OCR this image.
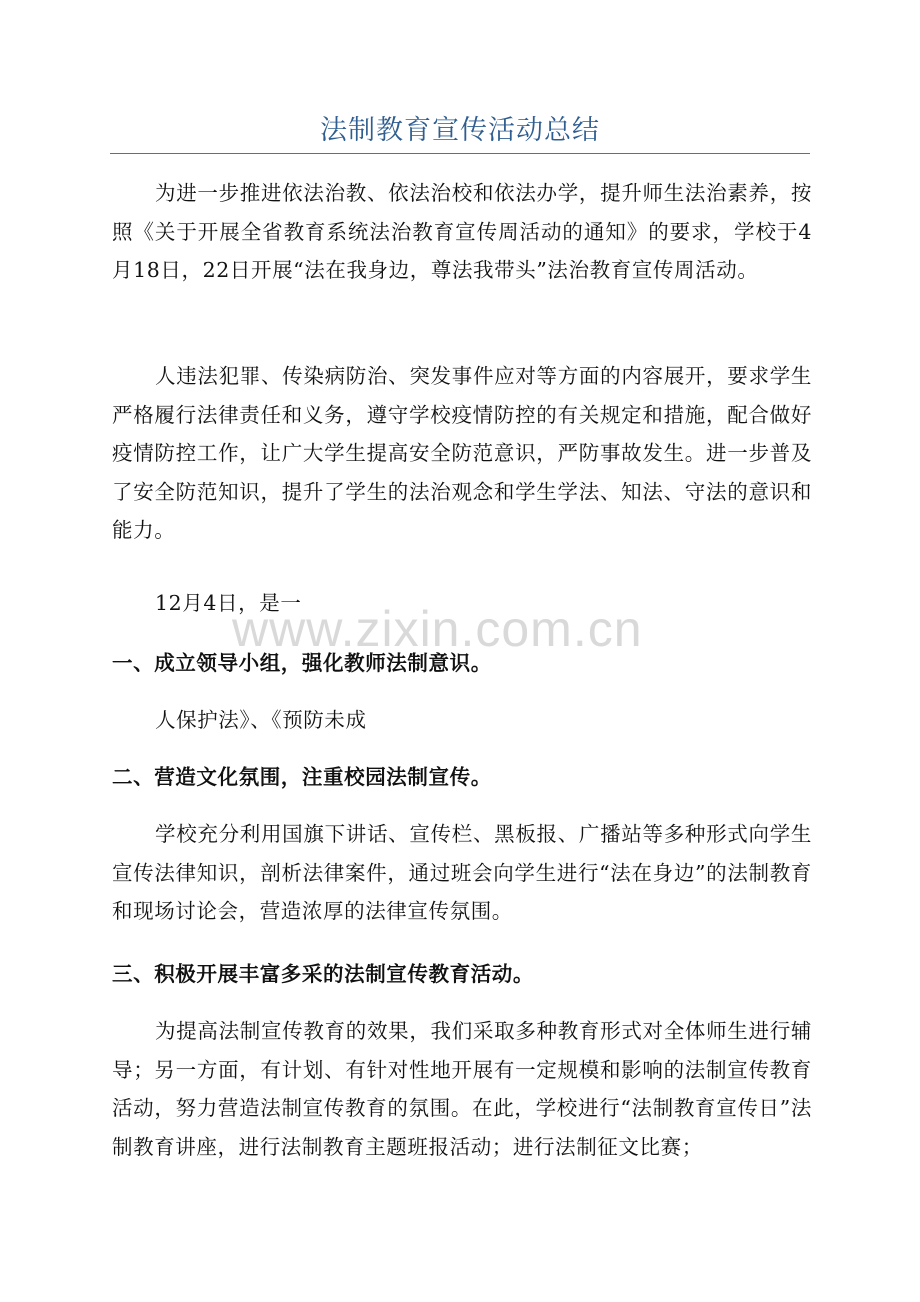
法制教育宣传活动总结

为进一步推进依法治教、依法治校和依法办学，提升师生法治素养，按照《关于开展全省教育系统法治教育宣传周活动的通知》的要求，学校于4月18日，22日开展“法在我身边，尊法我带头”法治教育宣传周活动。

人违法犯罪、传染病防治、突发事件应对等方面的内容展开，要求学生严格履行法律责任和义务，遵守学校疫情防控的有关规定和措施，配合做好疫情防控工作，让广大学生提高安全防范意识，严防事故发生。进一步普及了安全防范知识，提升了学生的法治观念和学生学法、知法、守法的意识和能力。

12月4日，是一

一、成立领导小组，强化教师法制意识。

人保护法》、《预防未成

二、营造文化氛围，注重校园法制宣传。

学校充分利用国旗下讲话、宣传栏、黑板报、广播站等多种形式向学生宣传法律知识，剖析法律案件，通过班会向学生进行“法在身边”的法制教育和现场讨论会，营造浓厚的法律宣传氛围。

三、积极开展丰富多采的法制宣传教育活动。

为提高法制宣传教育的效果，我们采取多种教育形式对全体师生进行辅导；另一方面，有计划、有针对性地开展有一定规模和影响的法制宣传教育活动，努力营造法制宣传教育的氛围。在此，学校进行“法制教育宣传日”法制教育讲座，进行法制教育主题班报活动；进行法制征文比赛；

www.zixin.com.cn
